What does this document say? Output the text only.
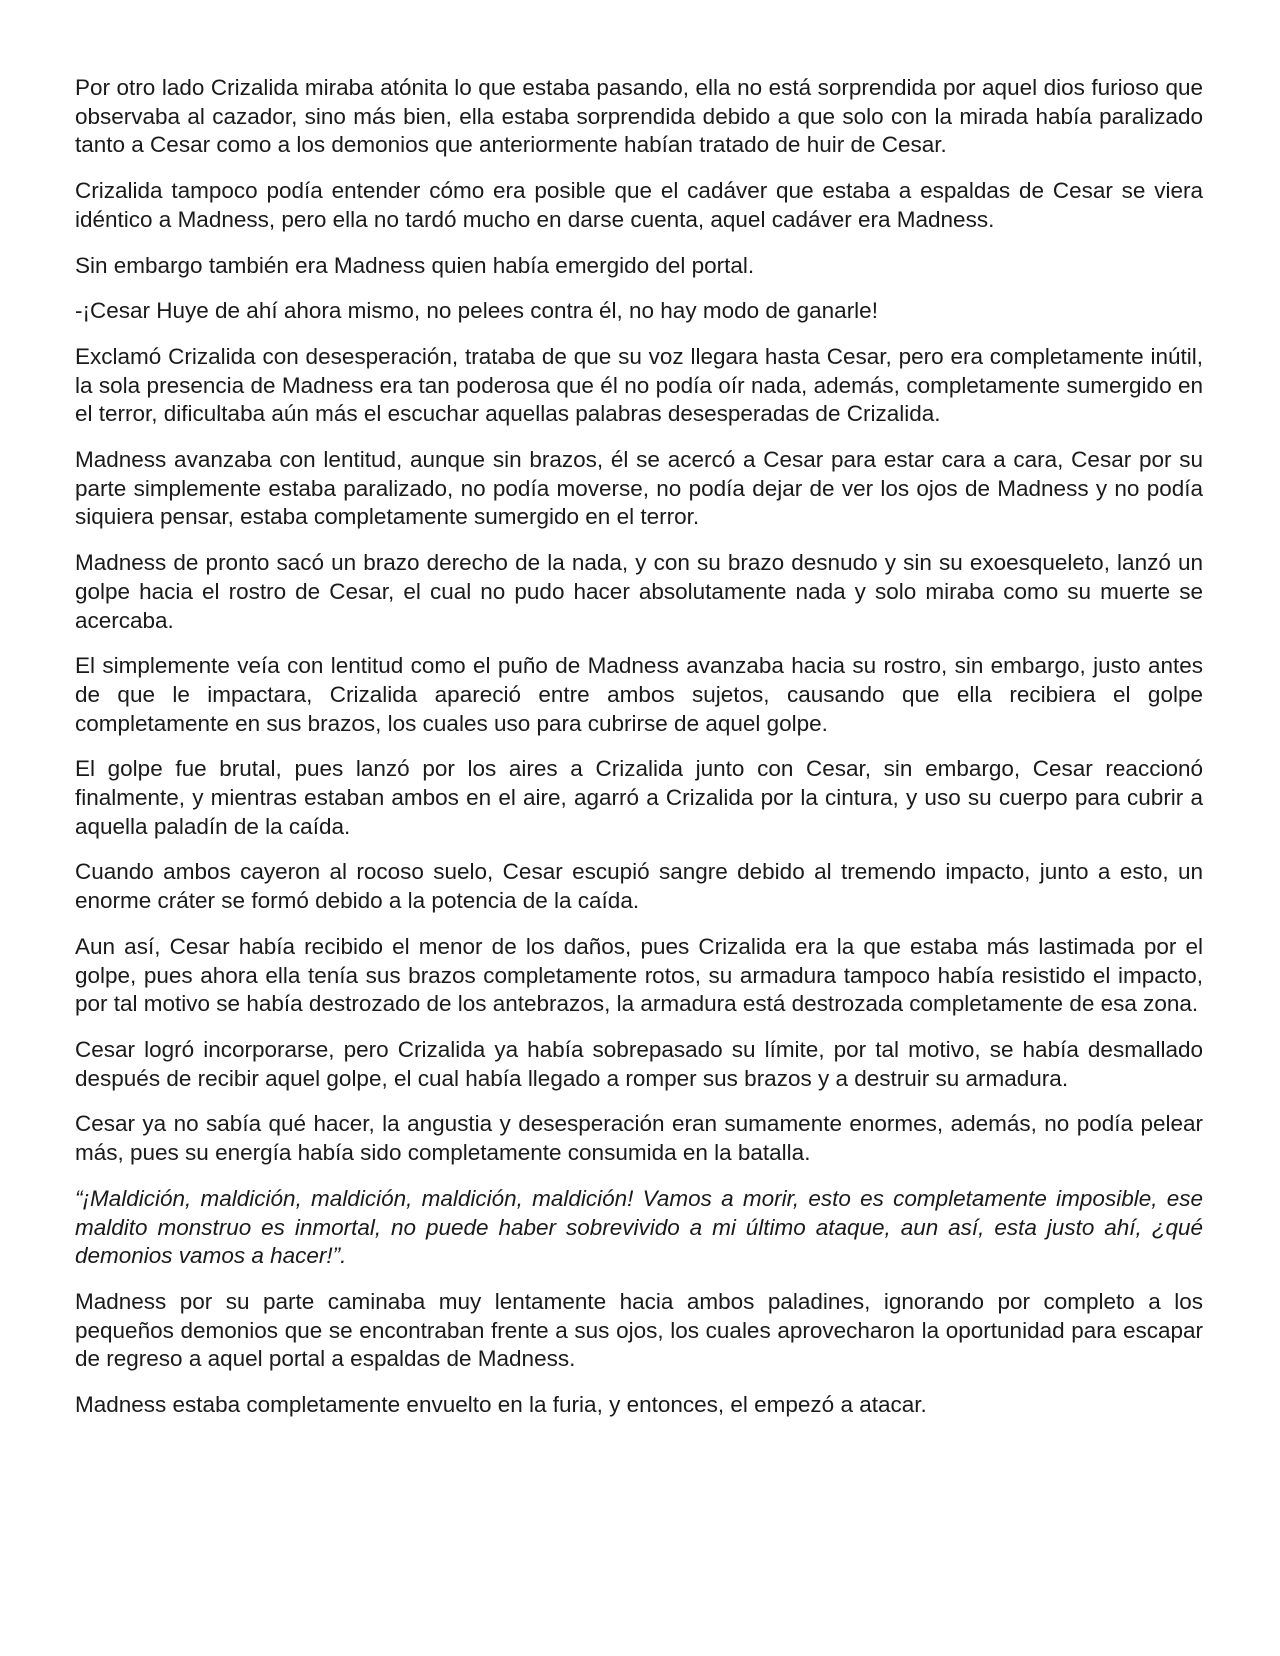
Por otro lado Crizalida miraba atónita lo que estaba pasando, ella no está sorprendida por aquel dios furioso que observaba al cazador, sino más bien, ella estaba sorprendida debido a que solo con la mirada había paralizado tanto a Cesar como a los demonios que anteriormente habían tratado de huir de Cesar.

Crizalida tampoco podía entender cómo era posible que el cadáver que estaba a espaldas de Cesar se viera idéntico a Madness, pero ella no tardó mucho en darse cuenta, aquel cadáver era Madness.

Sin embargo también era Madness quien había emergido del portal.

-¡Cesar Huye de ahí ahora mismo, no pelees contra él, no hay modo de ganarle!

Exclamó Crizalida con desesperación, trataba de que su voz llegara hasta Cesar, pero era completamente inútil, la sola presencia de Madness era tan poderosa que él no podía oír nada, además, completamente sumergido en el terror, dificultaba aún más el escuchar aquellas palabras desesperadas de Crizalida.

Madness avanzaba con lentitud, aunque sin brazos, él se acercó a Cesar para estar cara a cara, Cesar por su parte simplemente estaba paralizado, no podía moverse, no podía dejar de ver los ojos de Madness y no podía siquiera pensar, estaba completamente sumergido en el terror.

Madness de pronto sacó un brazo derecho de la nada, y con su brazo desnudo y sin su exoesqueleto, lanzó un golpe hacia el rostro de Cesar, el cual no pudo hacer absolutamente nada y solo miraba como su muerte se acercaba.

El simplemente veía con lentitud como el puño de Madness avanzaba hacia su rostro, sin embargo, justo antes de que le impactara, Crizalida apareció entre ambos sujetos, causando que ella recibiera el golpe completamente en sus brazos, los cuales uso para cubrirse de aquel golpe.

El golpe fue brutal, pues lanzó por los aires a Crizalida junto con Cesar, sin embargo, Cesar reaccionó finalmente, y mientras estaban ambos en el aire, agarró a Crizalida por la cintura, y uso su cuerpo para cubrir a aquella paladín de la caída.

Cuando ambos cayeron al rocoso suelo, Cesar escupió sangre debido al tremendo impacto, junto a esto, un enorme cráter se formó debido a la potencia de la caída.

Aun así, Cesar había recibido el menor de los daños, pues Crizalida era la que estaba más lastimada por el golpe, pues ahora ella tenía sus brazos completamente rotos, su armadura tampoco había resistido el impacto, por tal motivo se había destrozado de los antebrazos, la armadura está destrozada completamente de esa zona.

Cesar logró incorporarse, pero Crizalida ya había sobrepasado su límite, por tal motivo, se había desmallado después de recibir aquel golpe, el cual había llegado a romper sus brazos y a destruir su armadura.

Cesar ya no sabía qué hacer, la angustia y desesperación eran sumamente enormes, además, no podía pelear más, pues su energía había sido completamente consumida en la batalla.

“¡Maldición, maldición, maldición, maldición, maldición! Vamos a morir, esto es completamente imposible, ese maldito monstruo es inmortal, no puede haber sobrevivido a mi último ataque, aun así, esta justo ahí, ¿qué demonios vamos a hacer!”.

Madness por su parte caminaba muy lentamente hacia ambos paladines, ignorando por completo a los pequeños demonios que se encontraban frente a sus ojos, los cuales aprovecharon la oportunidad para escapar de regreso a aquel portal a espaldas de Madness.

Madness estaba completamente envuelto en la furia, y entonces, el empezó a atacar.
